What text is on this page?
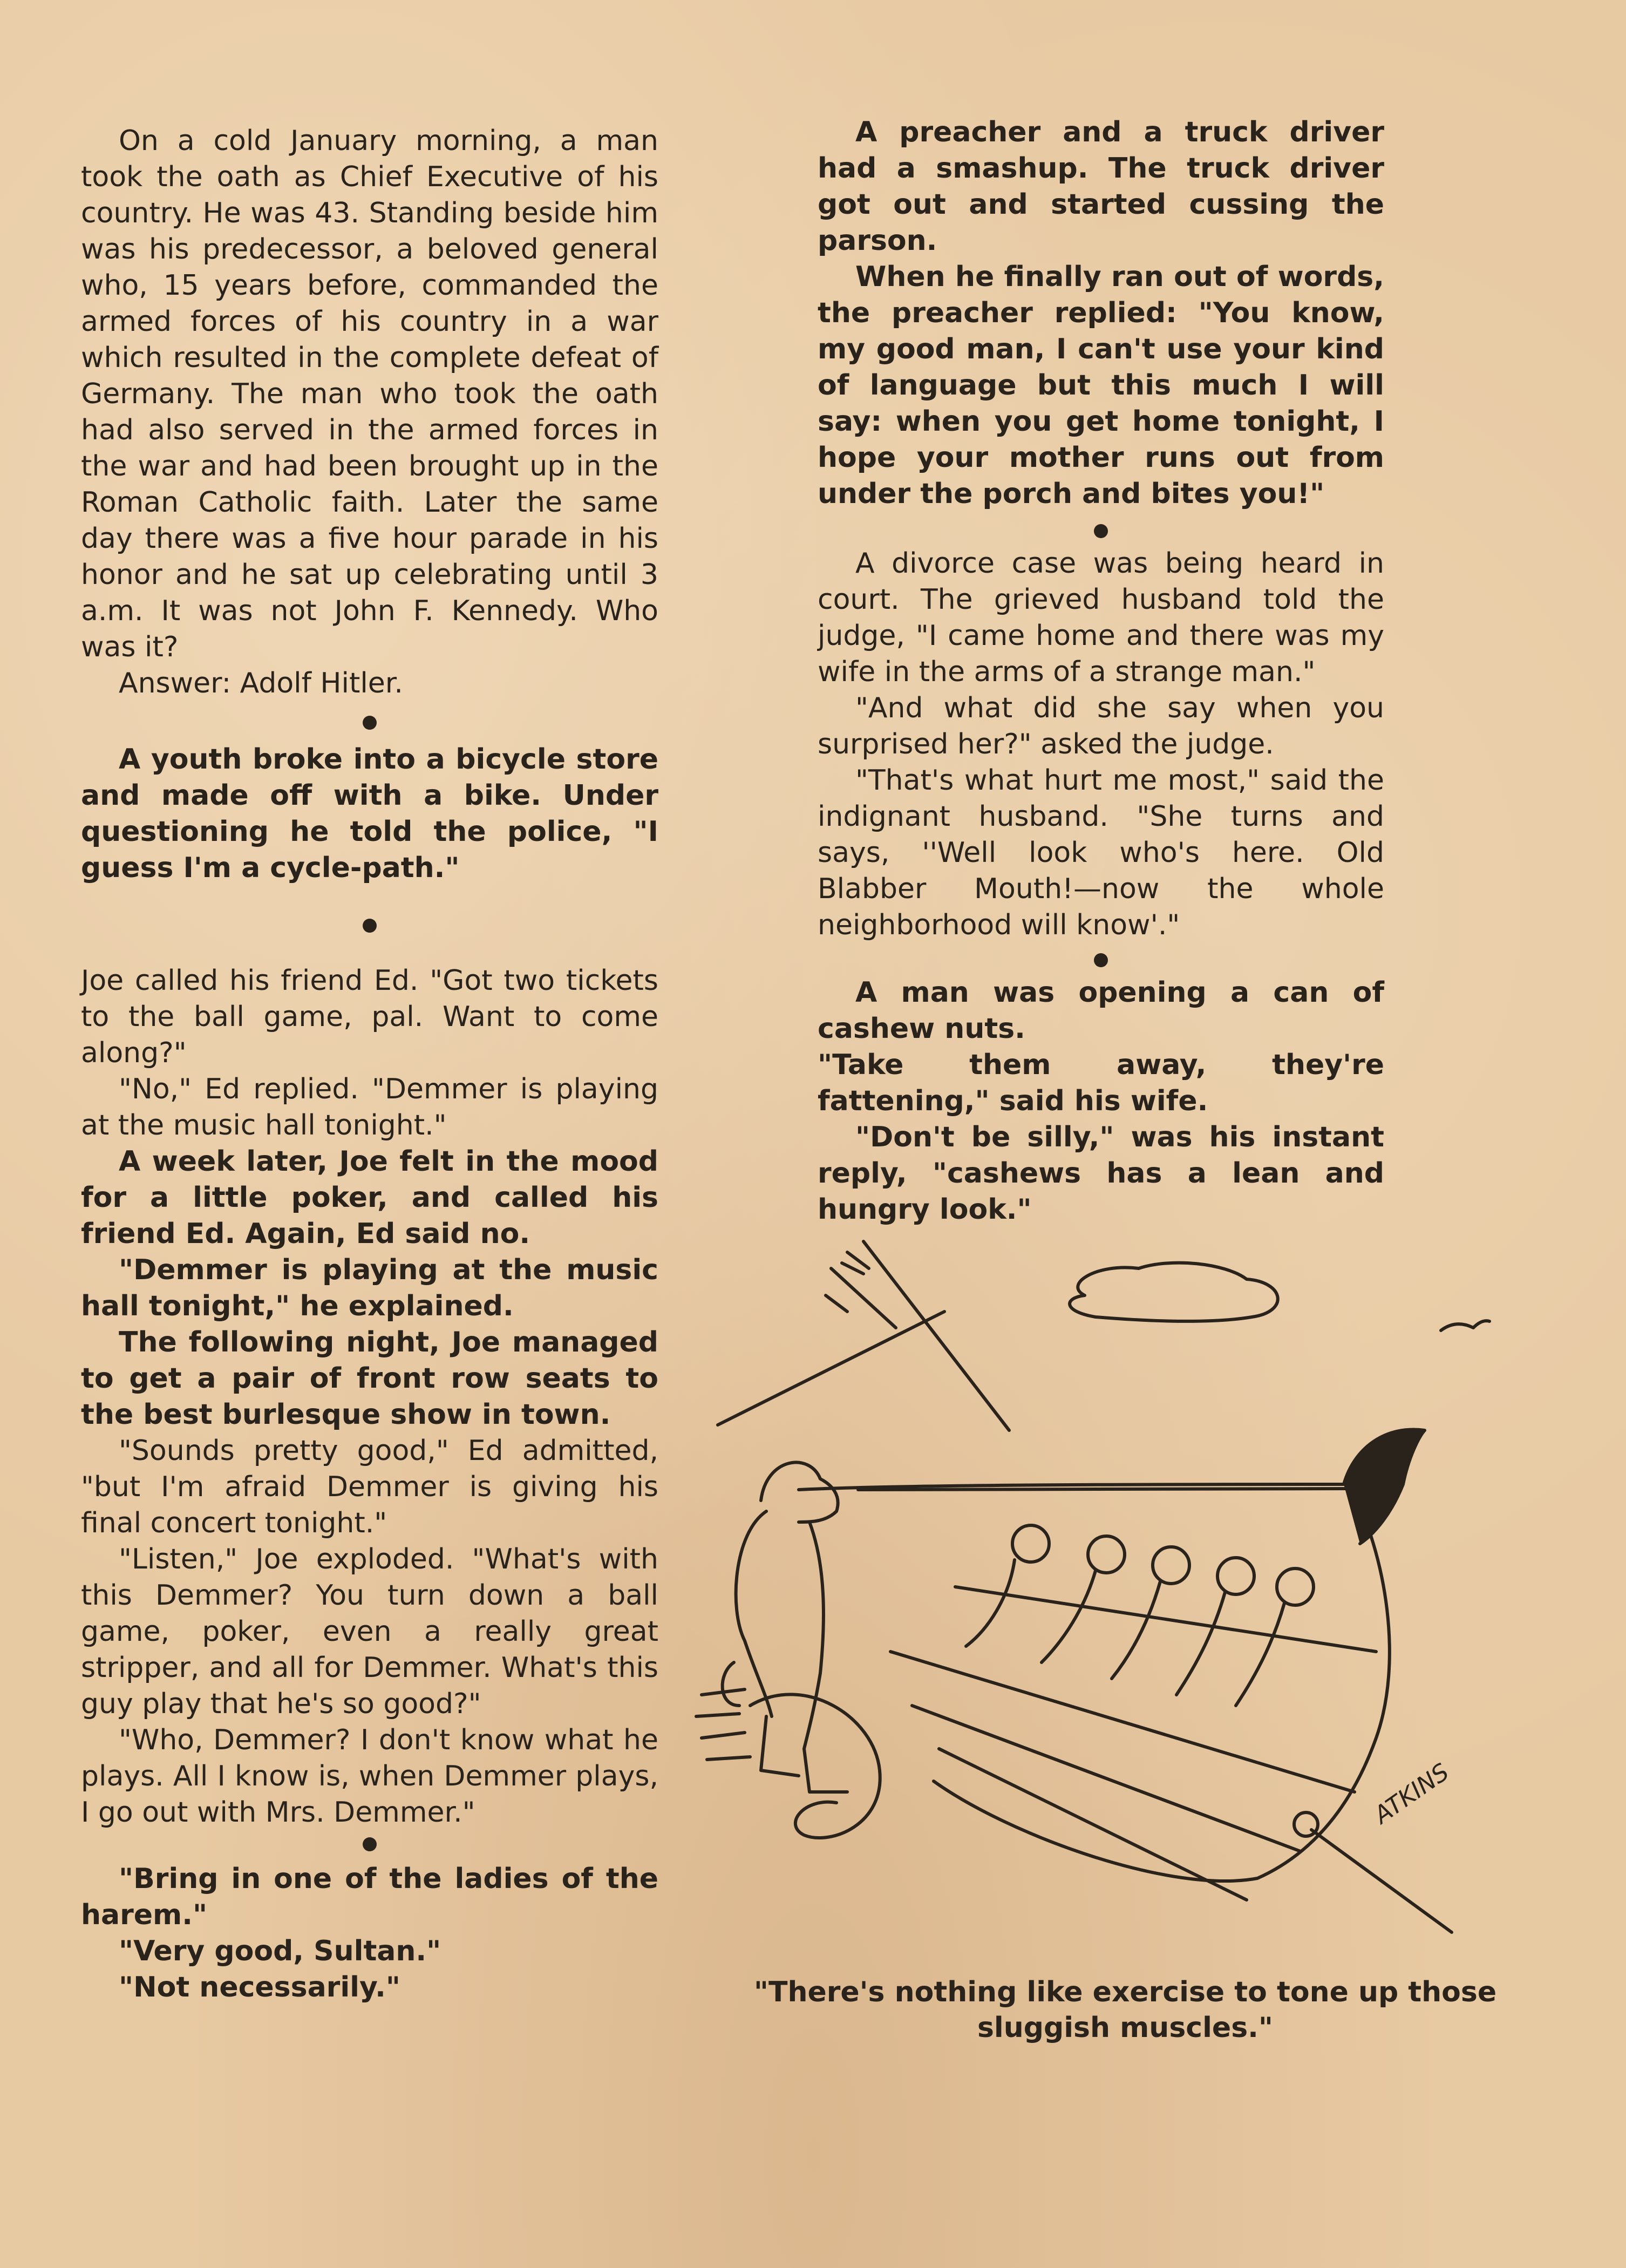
On a cold January morning, a man took the oath as Chief Executive of his country. He was 43. Standing beside him was his predecessor, a beloved general who, 15 years before, commanded the armed forces of his country in a war which resulted in the complete defeat of Germany. The man who took the oath had also served in the armed forces in the war and had been brought up in the Roman Catholic faith. Later the same day there was a five hour parade in his honor and he sat up celebrating until 3 a.m. It was not John F. Kennedy. Who was it?

Answer: Adolf Hitler.

A youth broke into a bicycle store and made off with a bike. Under questioning he told the police, "I guess I'm a cycle-path."

Joe called his friend Ed. "Got two tickets to the ball game, pal. Want to come along?"

"No," Ed replied. "Demmer is playing at the music hall tonight."

A week later, Joe felt in the mood for a little poker, and called his friend Ed. Again, Ed said no.

"Demmer is playing at the music hall tonight," he explained.

The following night, Joe managed to get a pair of front row seats to the best burlesque show in town.

"Sounds pretty good," Ed admitted, "but I'm afraid Demmer is giving his final concert tonight."

"Listen," Joe exploded. "What's with this Demmer? You turn down a ball game, poker, even a really great stripper, and all for Demmer. What's this guy play that he's so good?"

"Who, Demmer? I don't know what he plays. All I know is, when Demmer plays, I go out with Mrs. Demmer."

"Bring in one of the ladies of the harem."

"Very good, Sultan."

"Not necessarily."

A preacher and a truck driver had a smashup. The truck driver got out and started cussing the parson.

When he finally ran out of words, the preacher replied: "You know, my good man, I can't use your kind of language but this much I will say: when you get home tonight, I hope your mother runs out from under the porch and bites you!"

A divorce case was being heard in court. The grieved husband told the judge, "I came home and there was my wife in the arms of a strange man."

"And what did she say when you surprised her?" asked the judge.

"That's what hurt me most," said the indignant husband. "She turns and says, ''Well look who's here. Old Blabber Mouth!—now the whole neighborhood will know'."

A man was opening a can of cashew nuts.

"Take them away, they're fattening," said his wife.

"Don't be silly," was his instant reply, "cashews has a lean and hungry look."

ATKINS
"There's nothing like exercise to tone up those
sluggish muscles."
